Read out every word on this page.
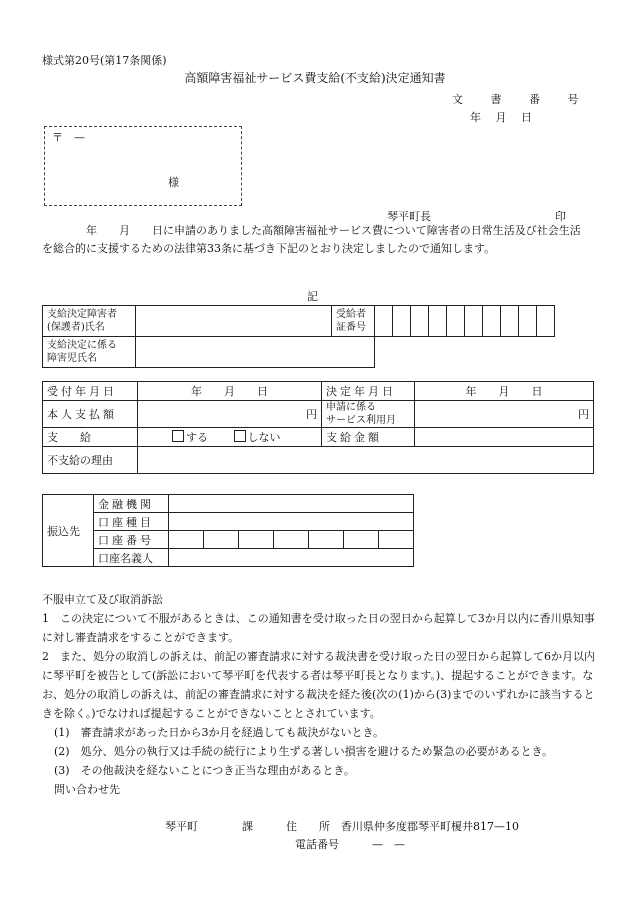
様式第20号(第17条関係)
高額障害福祉サービス費支給(不支給)決定通知書
文 書 番 号
年　 月　 日
〒　—
様
琴平町長	印
　　　　年　　月　　日に申請のありました高額障害福祉サービス費について障害者の日常生活及び社会生活を総合的に支援するための法律第33条に基づき下記のとおり決定しましたので通知します。
記
支給決定障害者
(保護者)氏名		受給者
証番号										
支給決定に係る
障害児氏名												
受付年月日	年　　月　　日	決定年月日	年　　月　　日
本人支払額	円	申請に係る
サービス利用月	円
支　　給	する しない	支給金額	
不支給の理由			
振込先	金融機関							
	口座種目							
	口座番号							
	口座名義人							

不服申立て及び取消訴訟

1　この決定について不服があるときは、この通知書を受け取った日の翌日から起算して3か月以内に香川県知事に対し審査請求をすることができます。

2　また、処分の取消しの訴えは、前記の審査請求に対する裁決書を受け取った日の翌日から起算して6か月以内に琴平町を被告として(訴訟において琴平町を代表する者は琴平町長となります。)、提起することができます。なお、処分の取消しの訴えは、前記の審査請求に対する裁決を経た後(次の(1)から(3)までのいずれかに該当するときを除く。)でなければ提起することができないこととされています。

(1)　審査請求があった日から3か月を経過しても裁決がないとき。

(2)　処分、処分の執行又は手続の続行により生ずる著しい損害を避けるため緊急の必要があるとき。

(3)　その他裁決を経ないことにつき正当な理由があるとき。

問い合わせ先

琴平町　　　　課　　　住　　所　香川県仲多度郡琴平町榎井817—10
電話番号　　　—　—
